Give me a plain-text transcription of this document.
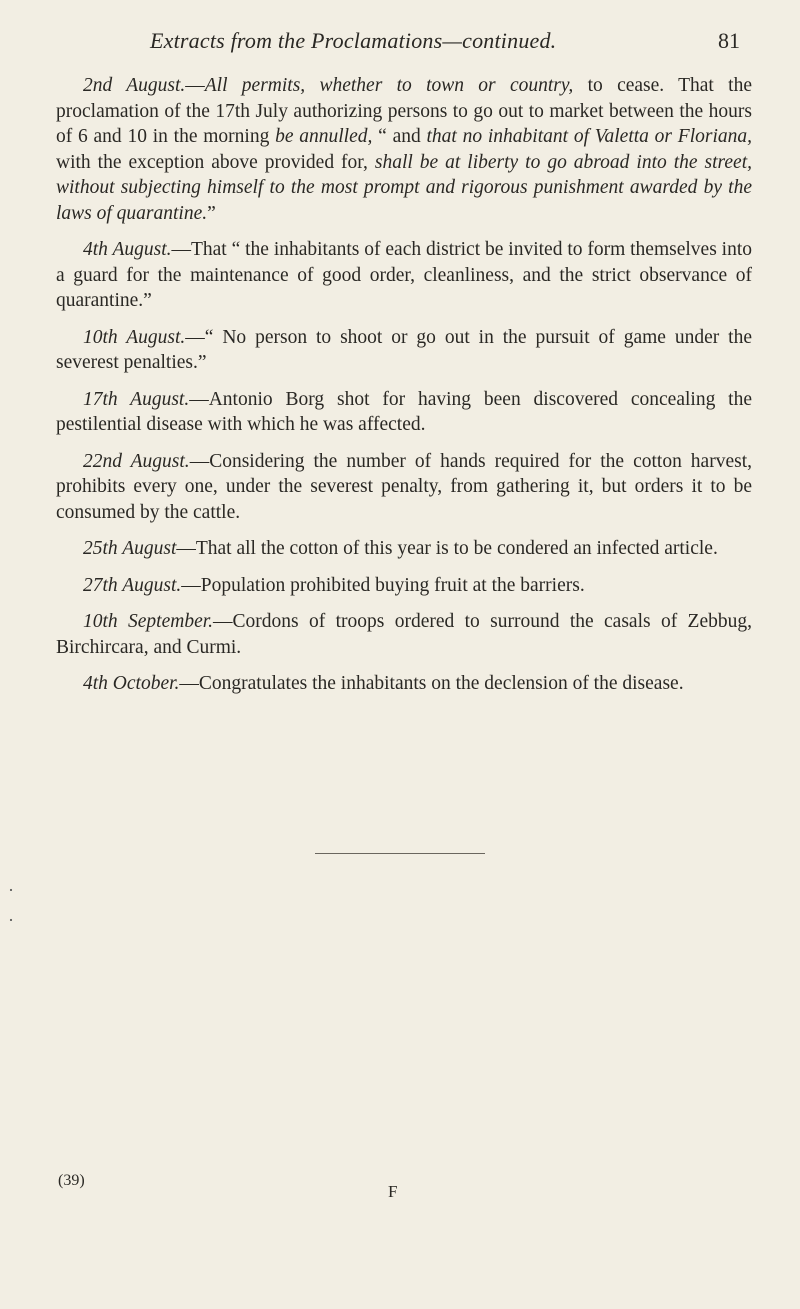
Extracts from the Proclamations—continued.	81

2nd August.—All permits, whether to town or country, to cease. That the proclamation of the 17th July authorizing persons to go out to market between the hours of 6 and 10 in the morning be annulled, “ and that no inhabitant of Valetta or Floriana, with the exception above provided for, shall be at liberty to go abroad into the street, without subjecting himself to the most prompt and rigorous punishment awarded by the laws of quarantine.”

4th August.—That “ the inhabitants of each district be invited to form themselves into a guard for the maintenance of good order, cleanliness, and the strict observance of quarantine.”

10th August.—“ No person to shoot or go out in the pursuit of game under the severest penalties.”

17th August.—Antonio Borg shot for having been discovered concealing the pestilential disease with which he was affected.

22nd August.—Considering the number of hands required for the cotton harvest, prohibits every one, under the severest penalty, from gathering it, but orders it to be consumed by the cattle.

25th August—That all the cotton of this year is to be condered an infected article.

27th August.—Population prohibited buying fruit at the barriers.

10th September.—Cordons of troops ordered to surround the casals of Zebbug, Birchircara, and Curmi.

4th October.—Congratulates the inhabitants on the declension of the disease.

·
·
(39)
F
